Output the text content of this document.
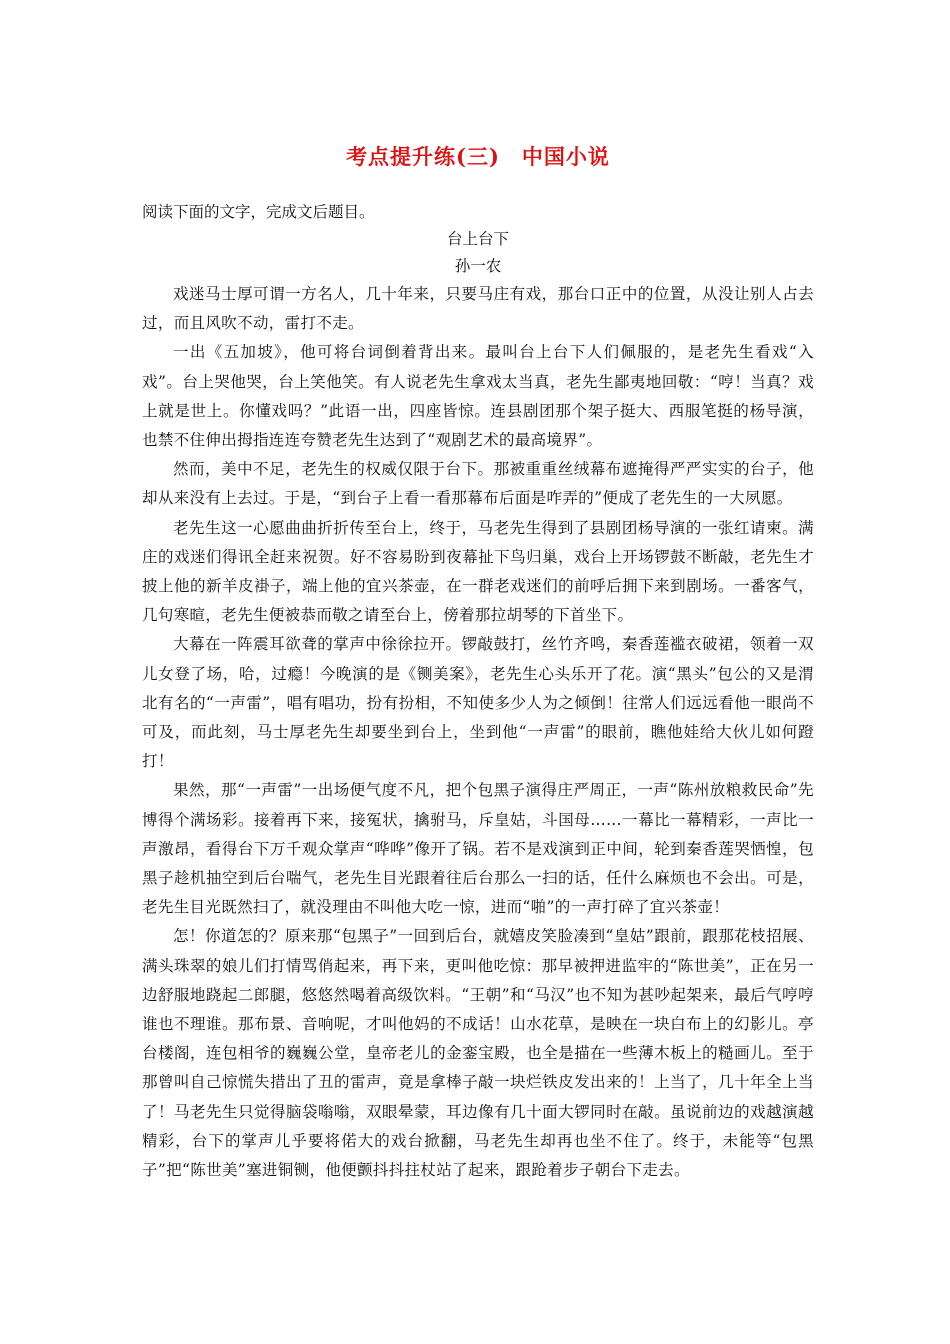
考点提升练(三)　中国小说

阅读下面的文字，完成文后题目。

台上台下

孙一农

戏迷马士厚可谓一方名人，几十年来，只要马庄有戏，那台口正中的位置，从没让别人占去过，而且风吹不动，雷打不走。

一出《五加坡》，他可将台词倒着背出来。最叫台上台下人们佩服的，是老先生看戏“入戏”。台上哭他哭，台上笑他笑。有人说老先生拿戏太当真，老先生鄙夷地回敬：“哼！当真？戏上就是世上。你懂戏吗？”此语一出，四座皆惊。连县剧团那个架子挺大、西服笔挺的杨导演，也禁不住伸出拇指连连夸赞老先生达到了“观剧艺术的最高境界”。

然而，美中不足，老先生的权威仅限于台下。那被重重丝绒幕布遮掩得严严实实的台子，他却从来没有上去过。于是，“到台子上看一看那幕布后面是咋弄的”便成了老先生的一大夙愿。

老先生这一心愿曲曲折折传至台上，终于，马老先生得到了县剧团杨导演的一张红请柬。满庄的戏迷们得讯全赶来祝贺。好不容易盼到夜幕扯下鸟归巢，戏台上开场锣鼓不断敲，老先生才披上他的新羊皮褂子，端上他的宜兴茶壶，在一群老戏迷们的前呼后拥下来到剧场。一番客气，几句寒暄，老先生便被恭而敬之请至台上，傍着那拉胡琴的下首坐下。

大幕在一阵震耳欲聋的掌声中徐徐拉开。锣敲鼓打，丝竹齐鸣，秦香莲褴衣破裙，领着一双儿女登了场，哈，过瘾！今晚演的是《铡美案》，老先生心头乐开了花。演“黑头”包公的又是渭北有名的“一声雷”，唱有唱功，扮有扮相，不知使多少人为之倾倒！往常人们远远看他一眼尚不可及，而此刻，马士厚老先生却要坐到台上，坐到他“一声雷”的眼前，瞧他娃给大伙儿如何蹬打！

果然，那“一声雷”一出场便气度不凡，把个包黑子演得庄严周正，一声“陈州放粮救民命”先博得个满场彩。接着再下来，接冤状，擒驸马，斥皇姑，斗国母……一幕比一幕精彩，一声比一声激昂，看得台下万千观众掌声“哗哗”像开了锅。若不是戏演到正中间，轮到秦香莲哭恓惶，包黑子趁机抽空到后台喘气，老先生目光跟着往后台那么一扫的话，任什么麻烦也不会出。可是，老先生目光既然扫了，就没理由不叫他大吃一惊，进而“啪”的一声打碎了宜兴茶壶！

怎！你道怎的？原来那“包黑子”一回到后台，就嬉皮笑脸凑到“皇姑”跟前，跟那花枝招展、满头珠翠的娘儿们打情骂俏起来，再下来，更叫他吃惊：那早被押进监牢的“陈世美”，正在另一边舒服地跷起二郎腿，悠悠然喝着高级饮料。“王朝”和“马汉”也不知为甚吵起架来，最后气哼哼谁也不理谁。那布景、音响呢，才叫他妈的不成话！山水花草，是映在一块白布上的幻影儿。亭台楼阁，连包相爷的巍巍公堂，皇帝老儿的金銮宝殿，也全是描在一些薄木板上的糙画儿。至于那曾叫自己惊慌失措出了丑的雷声，竟是拿棒子敲一块烂铁皮发出来的！上当了，几十年全上当了！马老先生只觉得脑袋嗡嗡，双眼晕蒙，耳边像有几十面大锣同时在敲。虽说前边的戏越演越精彩，台下的掌声儿乎要将偌大的戏台掀翻，马老先生却再也坐不住了。终于，未能等“包黑子”把“陈世美”塞进铜铡，他便颤抖抖拄杖站了起来，跟跄着步子朝台下走去。
